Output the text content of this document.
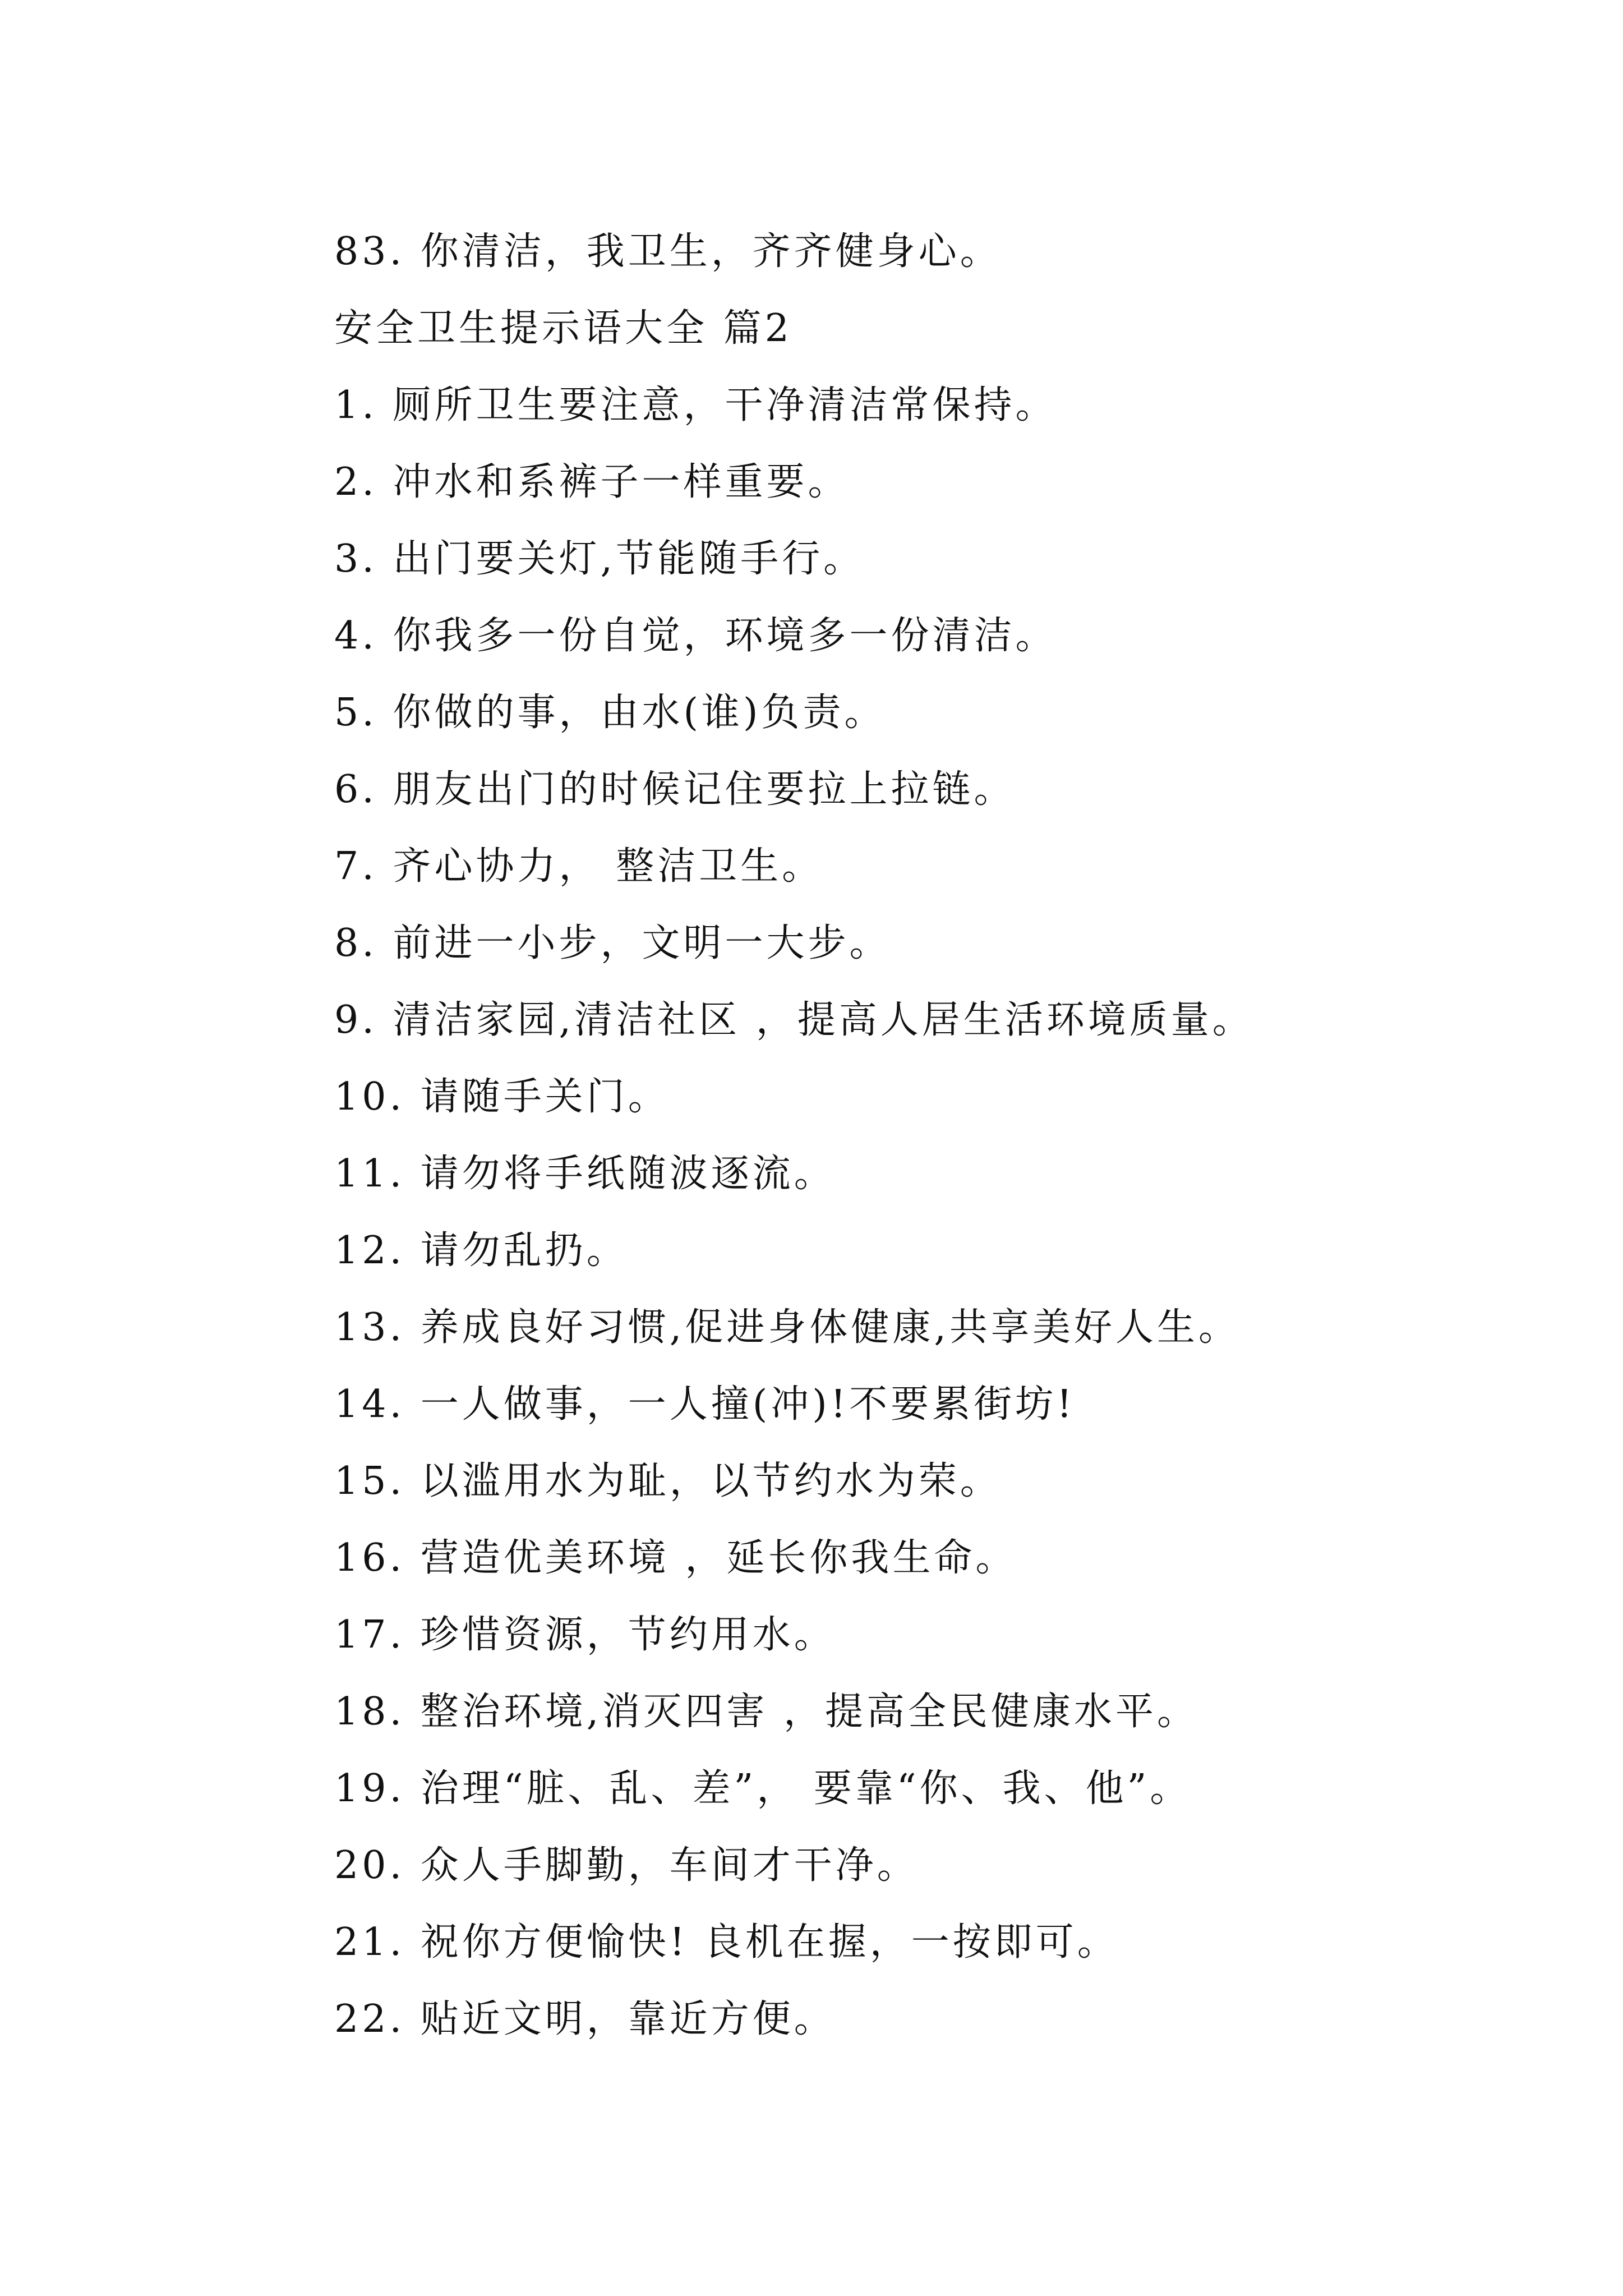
83. 你清洁，我卫生，齐齐健身心。
安全卫生提示语大全 篇2
1. 厕所卫生要注意，干净清洁常保持。
2. 冲水和系裤子一样重要。
3. 出门要关灯,节能随手行。
4. 你我多一份自觉，环境多一份清洁。
5. 你做的事，由水(谁)负责。
6. 朋友出门的时候记住要拉上拉链。
7. 齐心协力， 整洁卫生。
8. 前进一小步，文明一大步。
9. 清洁家园,清洁社区 ，提高人居生活环境质量。
10. 请随手关门。
11. 请勿将手纸随波逐流。
12. 请勿乱扔。
13. 养成良好习惯,促进身体健康,共享美好人生。
14. 一人做事，一人撞(冲)!不要累街坊!
15. 以滥用水为耻，以节约水为荣。
16. 营造优美环境 ，延长你我生命。
17. 珍惜资源，节约用水。
18. 整治环境,消灭四害 ，提高全民健康水平。
19. 治理“脏、乱、差”， 要靠“你、我、他”。
20. 众人手脚勤，车间才干净。
21. 祝你方便愉快! 良机在握，一按即可。
22. 贴近文明，靠近方便。
